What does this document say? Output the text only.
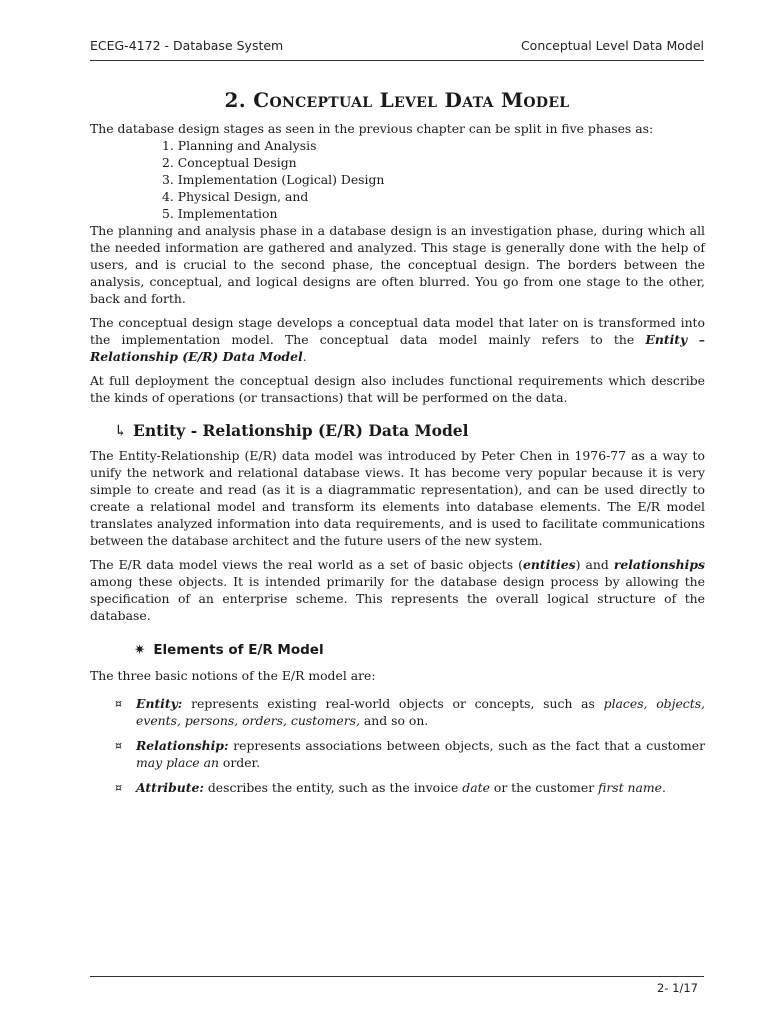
ECEG-4172 - Database System	Conceptual Level Data Model
2. Conceptual Level Data Model

The database design stages as seen in the previous chapter can be split in five phases as:

1. Planning and Analysis
2. Conceptual Design
3. Implementation (Logical) Design
4. Physical Design, and
5. Implementation

The planning and analysis phase in a database design is an investigation phase, during which all the needed information are gathered and analyzed. This stage is generally done with the help of users, and is crucial to the second phase, the conceptual design. The borders between the analysis, conceptual, and logical designs are often blurred. You go from one stage to the other, back and forth.

The conceptual design stage develops a conceptual data model that later on is transformed into the implementation model. The conceptual data model mainly refers to the Entity – Relationship (E/R) Data Model.

At full deployment the conceptual design also includes functional requirements which describe the kinds of operations (or transactions) that will be performed on the data.

↳ Entity - Relationship (E/R) Data Model

The Entity-Relationship (E/R) data model was introduced by Peter Chen in 1976-77 as a way to unify the network and relational database views. It has become very popular because it is very simple to create and read (as it is a diagrammatic representation), and can be used directly to create a relational model and transform its elements into database elements. The E/R model translates analyzed information into data requirements, and is used to facilitate communications between the database architect and the future users of the new system.

The E/R data model views the real world as a set of basic objects (entities) and relationships among these objects. It is intended primarily for the database design process by allowing the specification of an enterprise scheme. This represents the overall logical structure of the database.

✷ Elements of E/R Model

The three basic notions of the E/R model are:

¤ Entity: represents existing real-world objects or concepts, such as places, objects, events, persons, orders, customers, and so on.
¤ Relationship: represents associations between objects, such as the fact that a customer may place an order.
¤ Attribute: describes the entity, such as the invoice date or the customer first name.
2- 1/17
